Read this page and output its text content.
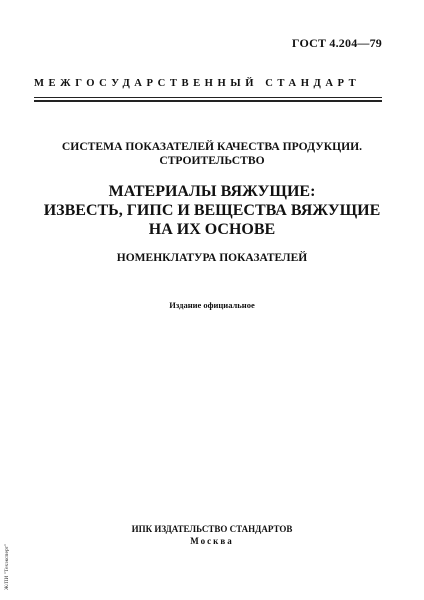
ГОСТ 4.204—79
МЕЖГОСУДАРСТВЕННЫЙ СТАНДАРТ
СИСТЕМА ПОКАЗАТЕЛЕЙ КАЧЕСТВА ПРОДУКЦИИ.
СТРОИТЕЛЬСТВО
МАТЕРИАЛЫ ВЯЖУЩИЕ:
ИЗВЕСТЬ, ГИПС И ВЕЩЕСТВА ВЯЖУЩИЕ
НА ИХ ОСНОВЕ
НОМЕНКЛАТУРА ПОКАЗАТЕЛЕЙ
Издание официальное
ИПК ИЗДАТЕЛЬСТВО СТАНДАРТОВ
Москва
Ж/ПИ "Техэксперт"
